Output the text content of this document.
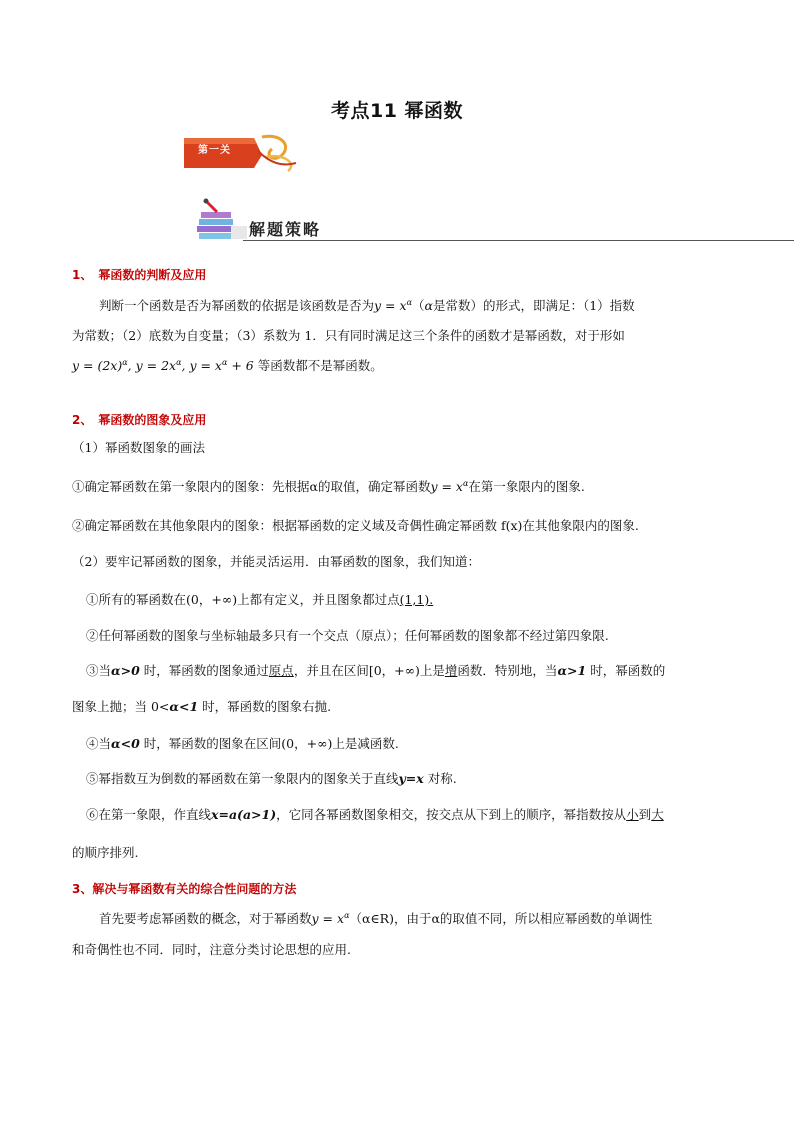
考点11 幂函数
第一关
解题策略
1、　幂函数的判断及应用
判断一个函数是否为幂函数的依据是该函数是否为$y = x^\alpha(\alpha$是常数）的形式，即满足：（1）指数
为常数；（2）底数为自变量；（3）系数为 1．只有同时满足这三个条件的函数才是幂函数，对于形如
$y = (2x)^\alpha$, $y = 2x^\alpha$, $y = x^\alpha + 6$ 等函数都不是幂函数。
2、　幂函数的图象及应用
（1）幂函数图象的画法
①确定幂函数在第一象限内的图象：先根据α的取值，确定幂函数$y = x^\alpha$在第一象限内的图象.
②确定幂函数在其他象限内的图象：根据幂函数的定义域及奇偶性确定幂函数 f(x)在其他象限内的图象.
（2）要牢记幂函数的图象，并能灵活运用．由幂函数的图象，我们知道：
①所有的幂函数在(0，+∞)上都有定义，并且图象都过点(1,1).
②任何幂函数的图象与坐标轴最多只有一个交点（原点）；任何幂函数的图象都不经过第四象限.
③当α>0 时，幂函数的图象通过原点，并且在区间[0，+∞)上是增函数．特别地，当α>1 时，幂函数的
图象上抛；当 0<α<1 时，幂函数的图象右抛.
④当α<0 时，幂函数的图象在区间(0，+∞)上是减函数.
⑤幂指数互为倒数的幂函数在第一象限内的图象关于直线y=x 对称.
⑥在第一象限，作直线x=a(a>1)，它同各幂函数图象相交，按交点从下到上的顺序，幂指数按从小到大
的顺序排列.
3、解决与幂函数有关的综合性问题的方法
首先要考虑幂函数的概念，对于幂函数$y = x^\alpha(\alpha\in R)$，由于α的取值不同，所以相应幂函数的单调性
和奇偶性也不同．同时，注意分类讨论思想的应用.
